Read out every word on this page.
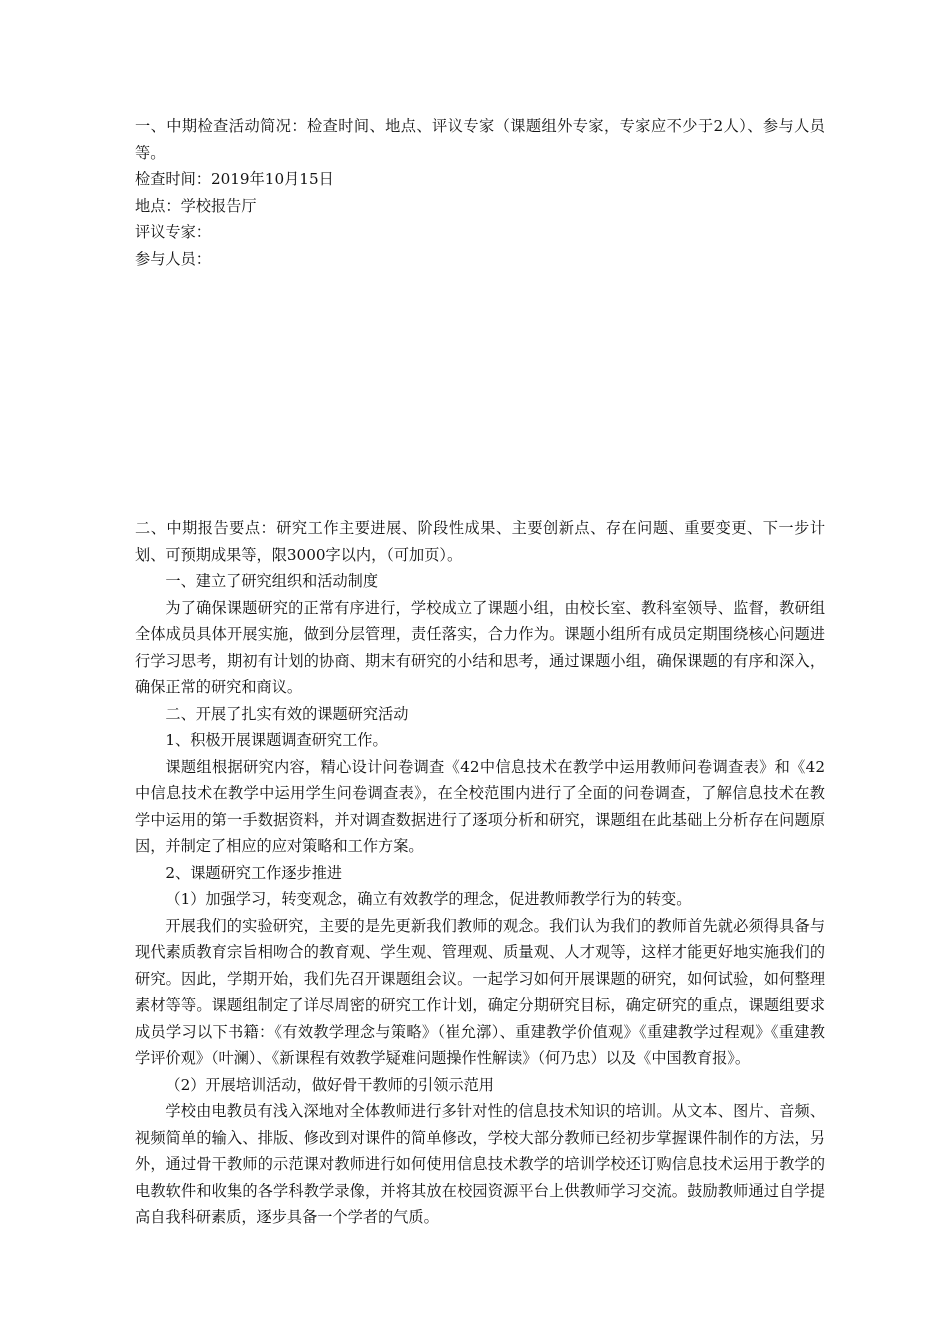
一、中期检查活动简况：检查时间、地点、评议专家（课题组外专家，专家应不少于2人）、参与人员等。

检查时间：2019年10月15日

地点：学校报告厅

评议专家：

参与人员：

二、中期报告要点：研究工作主要进展、阶段性成果、主要创新点、存在问题、重要变更、下一步计划、可预期成果等，限3000字以内，（可加页）。

一、建立了研究组织和活动制度

为了确保课题研究的正常有序进行，学校成立了课题小组，由校长室、教科室领导、监督，教研组全体成员具体开展实施，做到分层管理，责任落实，合力作为。课题小组所有成员定期围绕核心问题进行学习思考，期初有计划的协商、期末有研究的小结和思考，通过课题小组，确保课题的有序和深入，确保正常的研究和商议。

二、开展了扎实有效的课题研究活动

1、积极开展课题调查研究工作。

课题组根据研究内容，精心设计问卷调查《42中信息技术在教学中运用教师问卷调查表》和《42中信息技术在教学中运用学生问卷调查表》，在全校范围内进行了全面的问卷调查，了解信息技术在教学中运用的第一手数据资料，并对调查数据进行了逐项分析和研究，课题组在此基础上分析存在问题原因，并制定了相应的应对策略和工作方案。

2、课题研究工作逐步推进

（1）加强学习，转变观念，确立有效教学的理念，促进教师教学行为的转变。

开展我们的实验研究，主要的是先更新我们教师的观念。我们认为我们的教师首先就必须得具备与现代素质教育宗旨相吻合的教育观、学生观、管理观、质量观、人才观等，这样才能更好地实施我们的研究。因此，学期开始，我们先召开课题组会议。一起学习如何开展课题的研究，如何试验，如何整理素材等等。课题组制定了详尽周密的研究工作计划，确定分期研究目标，确定研究的重点，课题组要求成员学习以下书籍：《有效教学理念与策略》（崔允漷）、重建教学价值观》《重建教学过程观》《重建教学评价观》（叶澜）、《新课程有效教学疑难问题操作性解读》（何乃忠）以及《中国教育报》。

（2）开展培训活动，做好骨干教师的引领示范用

学校由电教员有浅入深地对全体教师进行多针对性的信息技术知识的培训。从文本、图片、音频、视频简单的输入、排版、修改到对课件的简单修改，学校大部分教师已经初步掌握课件制作的方法，另外，通过骨干教师的示范课对教师进行如何使用信息技术教学的培训学校还订购信息技术运用于教学的电教软件和收集的各学科教学录像，并将其放在校园资源平台上供教师学习交流。鼓励教师通过自学提高自我科研素质，逐步具备一个学者的气质。
